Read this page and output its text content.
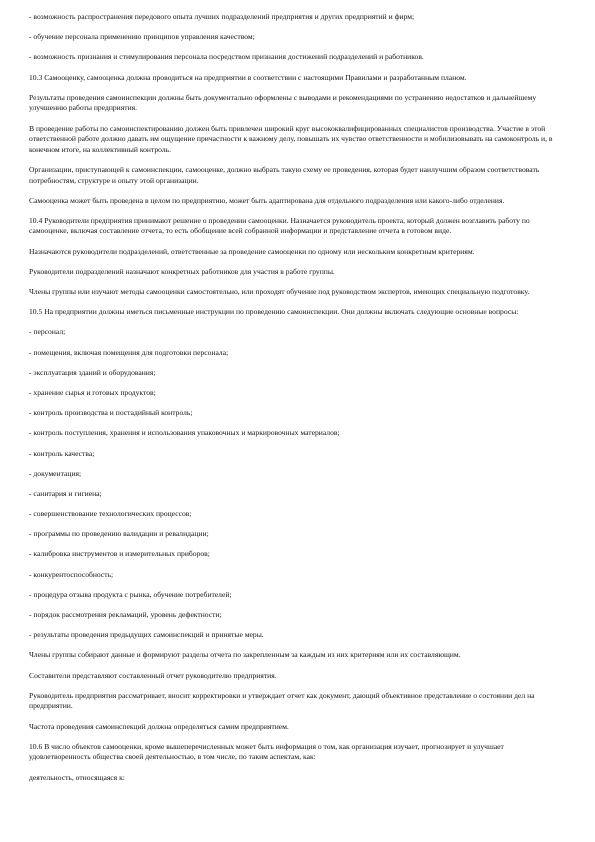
- возможность распространения передового опыта лучших подразделений предприятия и других предприятий и фирм;

- обучение персонала применению принципов управления качеством;

- возможность признания и стимулирования персонала посредством признания достижений подразделений и работников.

10.3 Самооценку, самооценка должна проводиться на предприятии в соответствии с настоящими Правилами и разработанным планом.

Результаты проведения самоинспекции должны быть документально оформлены с выводами и рекомендациями по устранению недостатков и дальнейшему улучшению работы предприятия.

В проведение работы по самоинспектированию должен быть привлечен широкий круг высококвалифицированных специалистов производства. Участие в этой ответственной работе должно давать им ощущение причастности к важному делу, повышать их чувство ответственности и мобилизовывать на самоконтроль и, в конечном итоге, на коллективный контроль.

Организации, приступающей к самоинспекции, самооценке, должно выбрать такую схему ее проведения, которая будет наилучшим образом соответствовать потребностям, структуре и опыту этой организации.

Самооценка может быть проведена в целом по предприятию, может быть адаптирована для отдельного подразделения или какого-либо отделения.

10.4 Руководители предприятия принимают решение о проведении самооценки. Назначается руководитель проекта, который должен возглавить работу по самооценке, включая составление отчета, то есть обобщение всей собранной информации и представление отчета в готовом виде.

Назначаются руководители подразделений, ответственные за проведение самооценки по одному или нескольким конкретным критериям.

Руководители подразделений назначают конкретных работников для участия в работе группы.

Члены группы или изучают методы самооценки самостоятельно, или проходят обучение под руководством экспертов, имеющих специальную подготовку.

10.5 На предприятии должны иметься письменные инструкции по проведению самоинспекции. Они должны включать следующие основные вопросы:

- персонал;

- помещения, включая помещения для подготовки персонала;

- эксплуатация зданий и оборудования;

- хранение сырья и готовых продуктов;

- контроль производства и постадийный контроль;

- контроль поступления, хранения и использования упаковочных и маркировочных материалов;

- контроль качества;

- документация;

- санитария и гигиена;

- совершенствование технологических процессов;

- программы по проведению валидации и ревалидации;

- калибровка инструментов и измерительных приборов;

- конкурентоспособность;

- процедура отзыва продукта с рынка, обучение потребителей;

- порядок рассмотрения рекламаций, уровень дефектности;

- результаты проведения предыдущих самоинспекций и принятые меры.

Члены группы собирают данные и формируют разделы отчета по закрепленным за каждым из них критериям или их составляющим.

Составители представляют составленный отчет руководителю предприятия.

Руководитель предприятия рассматривает, вносит корректировки и утверждает отчет как документ, дающий объективное представление о состоянии дел на предприятии.

Частота проведения самоинспекций должна определяться самим предприятием.

10.6 В число объектов самооценки, кроме вышеперечисленных может быть информация о том, как организация изучает, прогнозирует и улучшает удовлетворенность общества своей деятельностью, в том числе, по таким аспектам, как:

деятельность, относящаяся к:
